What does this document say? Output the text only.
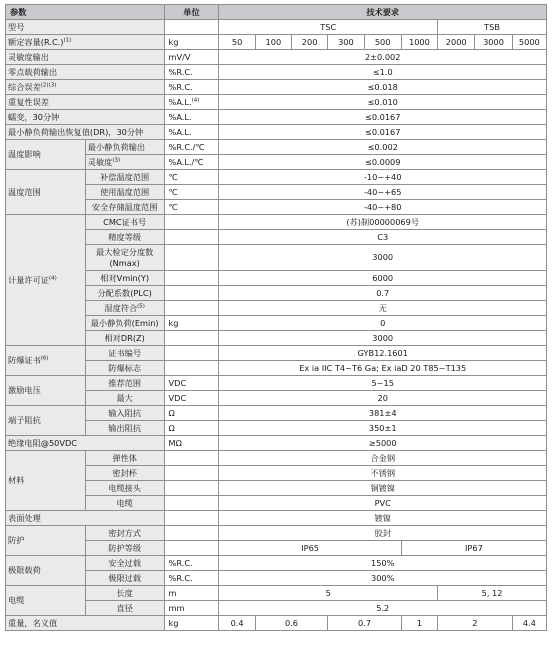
参数		单位	技术要求								
型号			TSC						TSB		
额定容量$(R.C.)^{(1)}$		kg	50	100	200	300	500	1000	2000	3000	5000
灵敏度输出		mV/V	2±0.002								
零点载荷输出		%R.C.	≤1.0								
综合误差$^{(2)(3)}$		%R.C.	≤0.018								
重复性误差		%A.L.$^{(4)}$	≤0.010								
蠕变，30分钟		%A.L.	≤0.0167								
最小静负荷输出恢复值(DR)，30分钟		%A.L.	≤0.0167								
温度影响	最小静负荷输出	%R.C./℃	≤0.002								
	灵敏度$^{(3)}$	%A.L./℃	≤0.0009								
温度范围	补偿温度范围	℃	-10~+40								
	使用温度范围	℃	-40~+65								
	安全存储温度范围	℃	-40~+80								
计量许可证$^{(4)}$	CMC证书号		(苏)制00000069号								
	精度等级		C3								
	最大检定分度数(Nmax)		3000								
	相对Vmin(Y)		6000								
	分配系数(PLC)		0.7								
	湿度符合$^{(5)}$		无								
	最小静负荷(Emin)	kg	0								
	相对DR(Z)		3000								
防爆证书$^{(6)}$	证书编号		GYB12.1601								
	防爆标志		Ex ia IIC T4~T6 Ga; Ex iaD 20 T85~T135								
激励电压	推荐范围	VDC	5~15								
	最大	VDC	20								
端子阻抗	输入阻抗	Ω	381±4								
	输出阻抗	Ω	350±1								
绝缘电阻@50VDC		MΩ	≥5000								
材料	弹性体		合金钢								
	密封杯		不锈钢								
	电缆接头		铜镀镍								
	电缆		PVC								
表面处理			镀镍								
防护	密封方式		胶封								
	防护等级		IP65					IP67			
极限载荷	安全过载	%R.C.	150%								
	极限过载	%R.C.	300%								
电缆	长度	m	5						5, 12		
	直径	mm	5.2								
重量，名义值		kg	0.4	0.6		0.7		1	2		4.4
